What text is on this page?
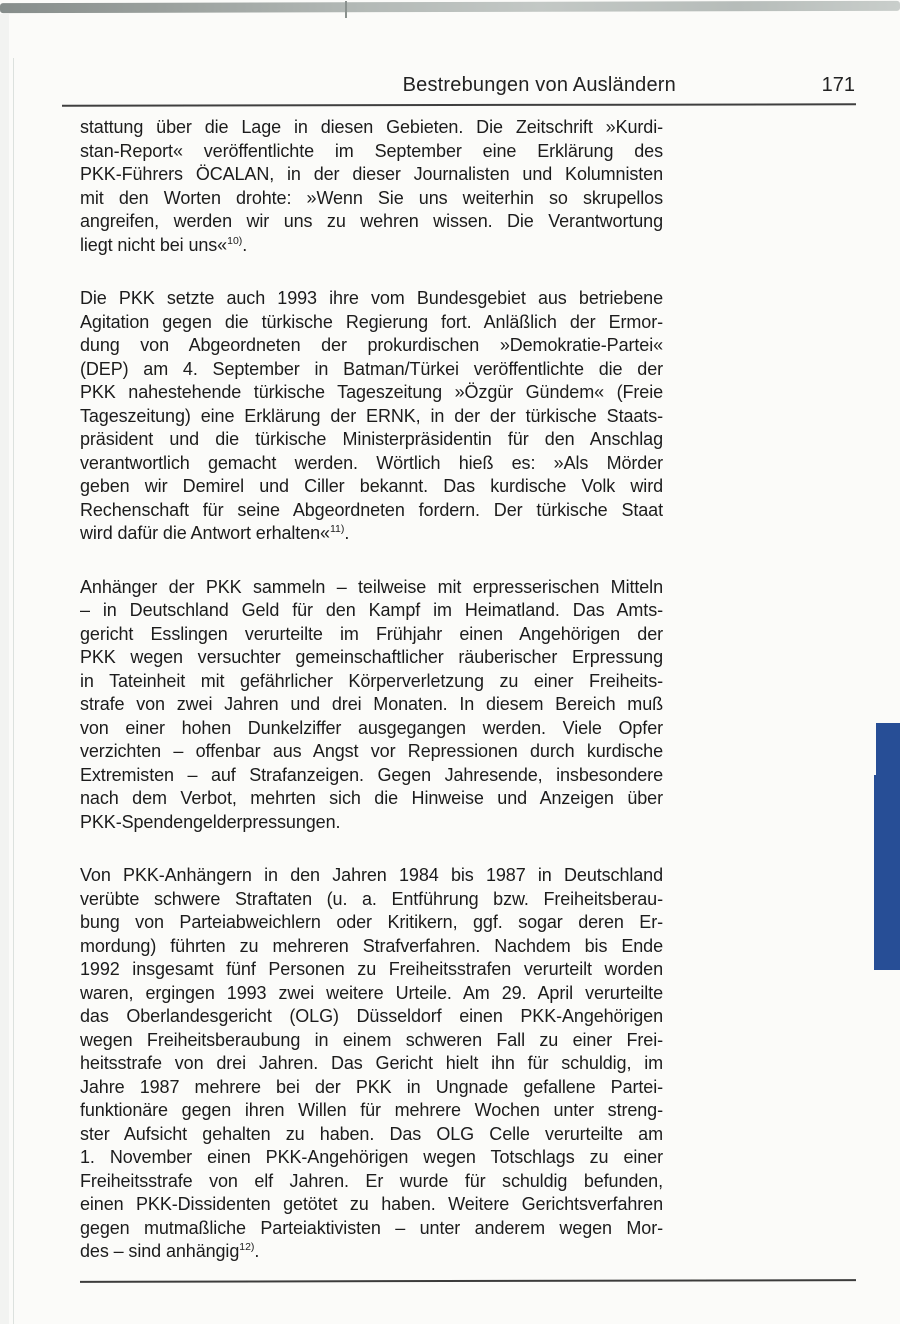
Bestrebungen von Ausländern	171
stattung über die Lage in diesen Gebieten. Die Zeitschrift »Kurdi-
stan-Report« veröffentlichte im September eine Erklärung des
PKK-Führers ÖCALAN, in der dieser Journalisten und Kolumnisten
mit den Worten drohte: »Wenn Sie uns weiterhin so skrupellos
angreifen, werden wir uns zu wehren wissen. Die Verantwortung
liegt nicht bei uns«$^{10)}$.
Die PKK setzte auch 1993 ihre vom Bundesgebiet aus betriebene
Agitation gegen die türkische Regierung fort. Anläßlich der Ermor-
dung von Abgeordneten der prokurdischen »Demokratie-Partei«
(DEP) am 4. September in Batman/Türkei veröffentlichte die der
PKK nahestehende türkische Tageszeitung »Özgür Gündem« (Freie
Tageszeitung) eine Erklärung der ERNK, in der der türkische Staats-
präsident und die türkische Ministerpräsidentin für den Anschlag
verantwortlich gemacht werden. Wörtlich hieß es: »Als Mörder
geben wir Demirel und Ciller bekannt. Das kurdische Volk wird
Rechenschaft für seine Abgeordneten fordern. Der türkische Staat
wird dafür die Antwort erhalten«$^{11)}$.
Anhänger der PKK sammeln – teilweise mit erpresserischen Mitteln
– in Deutschland Geld für den Kampf im Heimatland. Das Amts-
gericht Esslingen verurteilte im Frühjahr einen Angehörigen der
PKK wegen versuchter gemeinschaftlicher räuberischer Erpressung
in Tateinheit mit gefährlicher Körperverletzung zu einer Freiheits-
strafe von zwei Jahren und drei Monaten. In diesem Bereich muß
von einer hohen Dunkelziffer ausgegangen werden. Viele Opfer
verzichten – offenbar aus Angst vor Repressionen durch kurdische
Extremisten – auf Strafanzeigen. Gegen Jahresende, insbesondere
nach dem Verbot, mehrten sich die Hinweise und Anzeigen über
PKK-Spendengelderpressungen.
Von PKK-Anhängern in den Jahren 1984 bis 1987 in Deutschland
verübte schwere Straftaten (u. a. Entführung bzw. Freiheitsberau-
bung von Parteiabweichlern oder Kritikern, ggf. sogar deren Er-
mordung) führten zu mehreren Strafverfahren. Nachdem bis Ende
1992 insgesamt fünf Personen zu Freiheitsstrafen verurteilt worden
waren, ergingen 1993 zwei weitere Urteile. Am 29. April verurteilte
das Oberlandesgericht (OLG) Düsseldorf einen PKK-Angehörigen
wegen Freiheitsberaubung in einem schweren Fall zu einer Frei-
heitsstrafe von drei Jahren. Das Gericht hielt ihn für schuldig, im
Jahre 1987 mehrere bei der PKK in Ungnade gefallene Partei-
funktionäre gegen ihren Willen für mehrere Wochen unter streng-
ster Aufsicht gehalten zu haben. Das OLG Celle verurteilte am
1. November einen PKK-Angehörigen wegen Totschlags zu einer
Freiheitsstrafe von elf Jahren. Er wurde für schuldig befunden,
einen PKK-Dissidenten getötet zu haben. Weitere Gerichtsverfahren
gegen mutmaßliche Parteiaktivisten – unter anderem wegen Mor-
des – sind anhängig$^{12)}$.
